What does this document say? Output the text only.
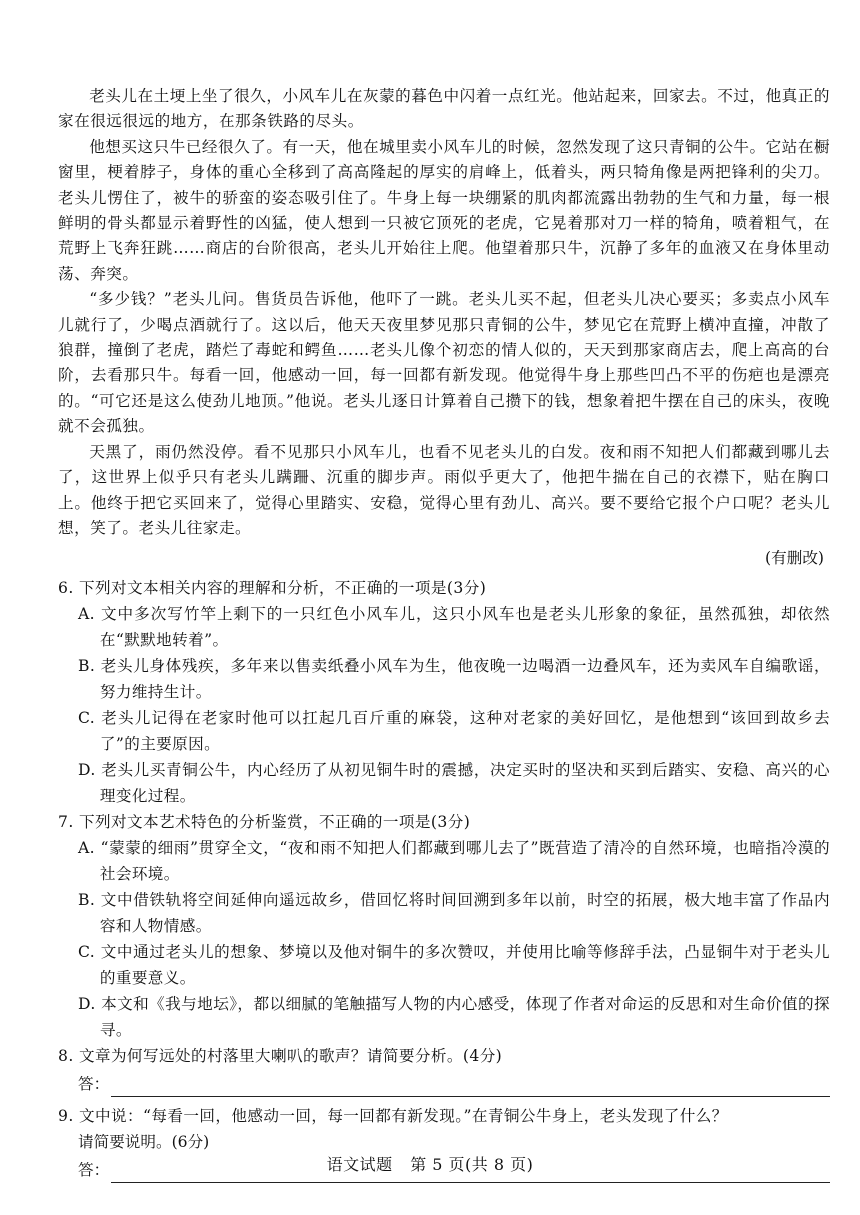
老头儿在土埂上坐了很久，小风车儿在灰蒙的暮色中闪着一点红光。他站起来，回家去。不过，他真正的家在很远很远的地方，在那条铁路的尽头。

他想买这只牛已经很久了。有一天，他在城里卖小风车儿的时候，忽然发现了这只青铜的公牛。它站在橱窗里，梗着脖子，身体的重心全移到了高高隆起的厚实的肩峰上，低着头，两只犄角像是两把锋利的尖刀。老头儿愣住了，被牛的骄蛮的姿态吸引住了。牛身上每一块绷紧的肌肉都流露出勃勃的生气和力量，每一根鲜明的骨头都显示着野性的凶猛，使人想到一只被它顶死的老虎，它晃着那对刀一样的犄角，喷着粗气，在荒野上飞奔狂跳……商店的台阶很高，老头儿开始往上爬。他望着那只牛，沉静了多年的血液又在身体里动荡、奔突。

“多少钱？”老头儿问。售货员告诉他，他吓了一跳。老头儿买不起，但老头儿决心要买；多卖点小风车儿就行了，少喝点酒就行了。这以后，他天天夜里梦见那只青铜的公牛，梦见它在荒野上横冲直撞，冲散了狼群，撞倒了老虎，踏烂了毒蛇和鳄鱼……老头儿像个初恋的情人似的，天天到那家商店去，爬上高高的台阶，去看那只牛。每看一回，他感动一回，每一回都有新发现。他觉得牛身上那些凹凸不平的伤疤也是漂亮的。“可它还是这么使劲儿地顶。”他说。老头儿逐日计算着自己攒下的钱，想象着把牛摆在自己的床头，夜晚就不会孤独。

天黑了，雨仍然没停。看不见那只小风车儿，也看不见老头儿的白发。夜和雨不知把人们都藏到哪儿去了，这世界上似乎只有老头儿蹒跚、沉重的脚步声。雨似乎更大了，他把牛揣在自己的衣襟下，贴在胸口上。他终于把它买回来了，觉得心里踏实、安稳，觉得心里有劲儿、高兴。要不要给它报个户口呢？老头儿想，笑了。老头儿往家走。

(有删改)

6. 下列对文本相关内容的理解和分析，不正确的一项是(3分)

A. 文中多次写竹竿上剩下的一只红色小风车儿，这只小风车也是老头儿形象的象征，虽然孤独，却依然在“默默地转着”。

B. 老头儿身体残疾，多年来以售卖纸叠小风车为生，他夜晚一边喝酒一边叠风车，还为卖风车自编歌谣，努力维持生计。

C. 老头儿记得在老家时他可以扛起几百斤重的麻袋，这种对老家的美好回忆，是他想到“该回到故乡去了”的主要原因。

D. 老头儿买青铜公牛，内心经历了从初见铜牛时的震撼，决定买时的坚决和买到后踏实、安稳、高兴的心理变化过程。

7. 下列对文本艺术特色的分析鉴赏，不正确的一项是(3分)

A. “蒙蒙的细雨”贯穿全文，“夜和雨不知把人们都藏到哪儿去了”既营造了清冷的自然环境，也暗指冷漠的社会环境。

B. 文中借铁轨将空间延伸向遥远故乡，借回忆将时间回溯到多年以前，时空的拓展，极大地丰富了作品内容和人物情感。

C. 文中通过老头儿的想象、梦境以及他对铜牛的多次赞叹，并使用比喻等修辞手法，凸显铜牛对于老头儿的重要意义。

D. 本文和《我与地坛》，都以细腻的笔触描写人物的内心感受，体现了作者对命运的反思和对生命价值的探寻。

8. 文章为何写远处的村落里大喇叭的歌声？请简要分析。(4分)

答：

9. 文中说：“每看一回，他感动一回，每一回都有新发现。”在青铜公牛身上，老头发现了什么？

请简要说明。(6分)

答：	语文试题 第 5 页(共 8 页)
